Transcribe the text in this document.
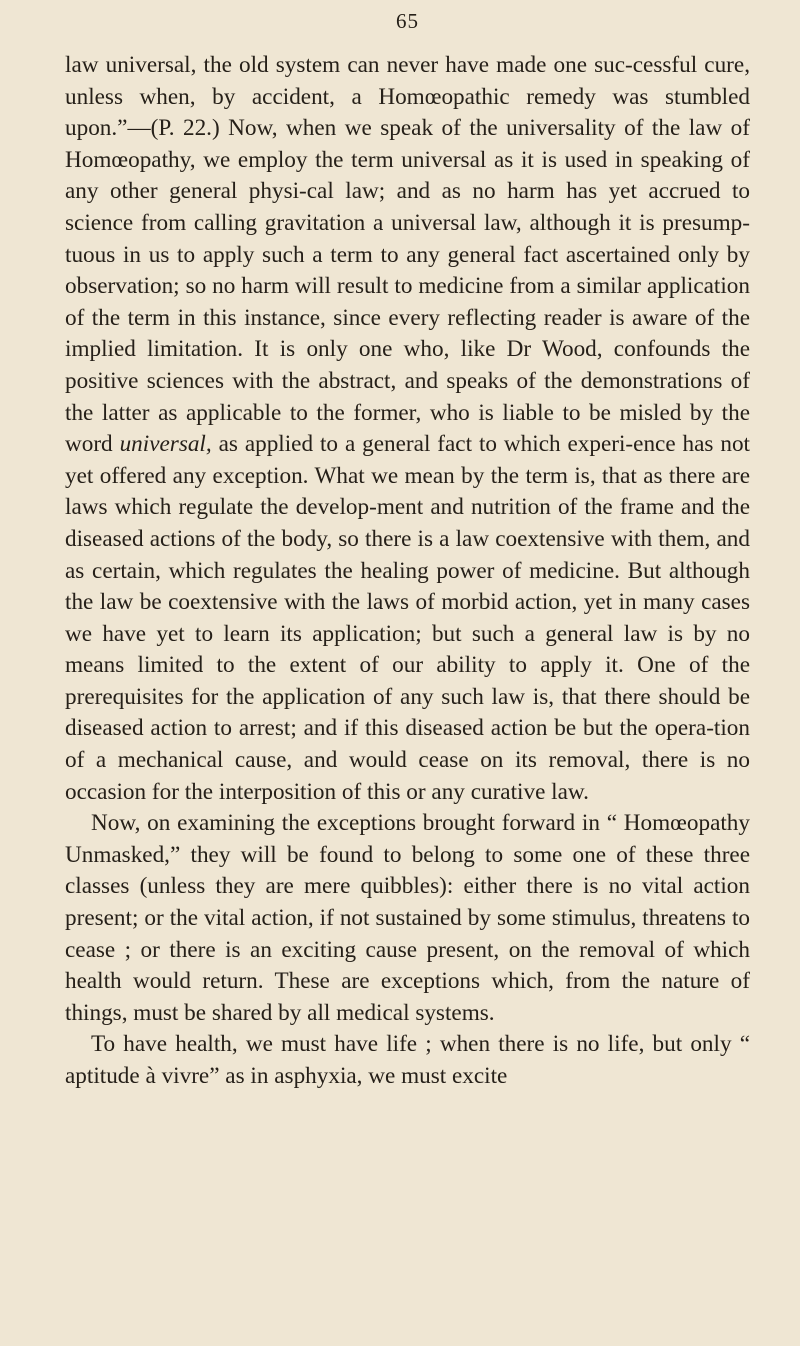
65

law universal, the old system can never have made one suc-cessful cure, unless when, by accident, a Homœopathic remedy was stumbled upon.”—(P. 22.) Now, when we speak of the universality of the law of Homœopathy, we employ the term universal as it is used in speaking of any other general physi-cal law; and as no harm has yet accrued to science from calling gravitation a universal law, although it is presump-tuous in us to apply such a term to any general fact ascertained only by observation; so no harm will result to medicine from a similar application of the term in this instance, since every reflecting reader is aware of the implied limitation. It is only one who, like Dr Wood, confounds the positive sciences with the abstract, and speaks of the demonstrations of the latter as applicable to the former, who is liable to be misled by the word universal, as applied to a general fact to which experi-ence has not yet offered any exception. What we mean by the term is, that as there are laws which regulate the develop-ment and nutrition of the frame and the diseased actions of the body, so there is a law coextensive with them, and as certain, which regulates the healing power of medicine. But although the law be coextensive with the laws of morbid action, yet in many cases we have yet to learn its application; but such a general law is by no means limited to the extent of our ability to apply it. One of the prerequisites for the application of any such law is, that there should be diseased action to arrest; and if this diseased action be but the opera-tion of a mechanical cause, and would cease on its removal, there is no occasion for the interposition of this or any curative law.

Now, on examining the exceptions brought forward in “ Homœopathy Unmasked,” they will be found to belong to some one of these three classes (unless they are mere quibbles): either there is no vital action present; or the vital action, if not sustained by some stimulus, threatens to cease ; or there is an exciting cause present, on the removal of which health would return. These are exceptions which, from the nature of things, must be shared by all medical systems.

To have health, we must have life ; when there is no life, but only “ aptitude à vivre” as in asphyxia, we must excite
